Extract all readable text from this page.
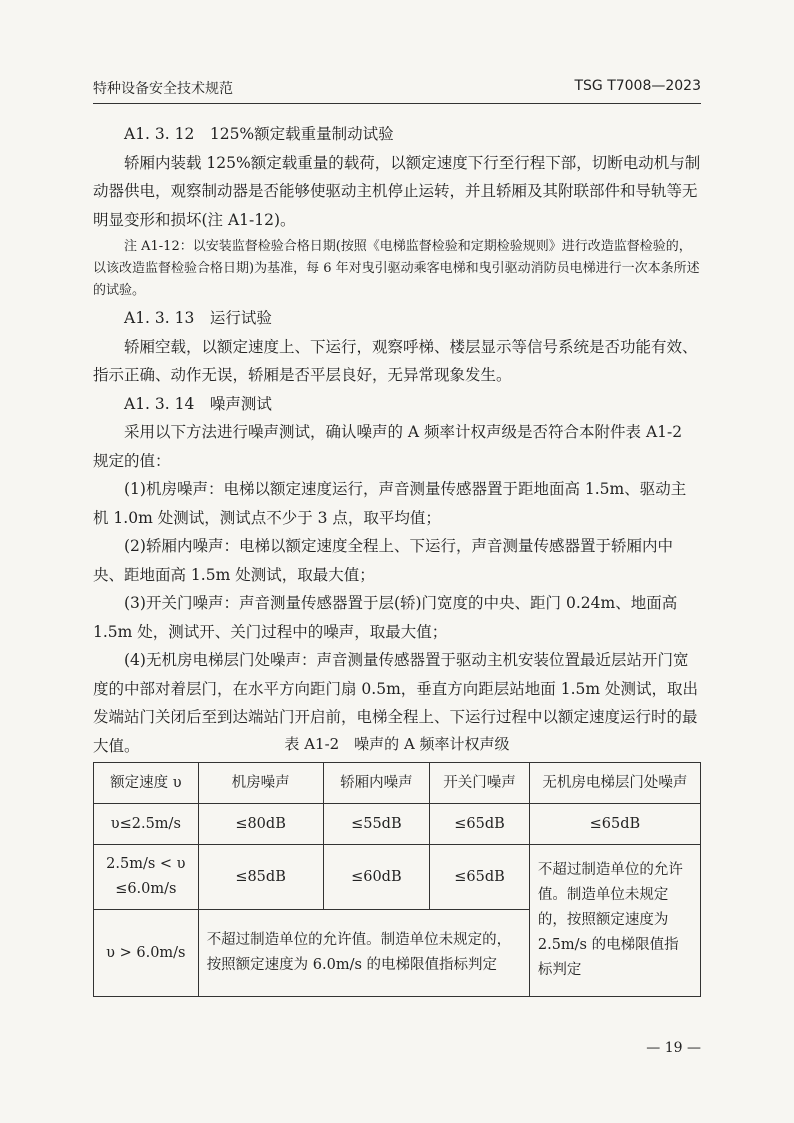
特种设备安全技术规范	TSG T7008—2023

A1. 3. 12　125%额定载重量制动试验

轿厢内装载 125%额定载重量的载荷，以额定速度下行至行程下部，切断电动机与制动器供电，观察制动器是否能够使驱动主机停止运转，并且轿厢及其附联部件和导轨等无明显变形和损坏(注 A1-12)。

注 A1-12：以安装监督检验合格日期(按照《电梯监督检验和定期检验规则》进行改造监督检验的，以该改造监督检验合格日期)为基准，每 6 年对曳引驱动乘客电梯和曳引驱动消防员电梯进行一次本条所述的试验。

A1. 3. 13　运行试验

轿厢空载，以额定速度上、下运行，观察呼梯、楼层显示等信号系统是否功能有效、指示正确、动作无误，轿厢是否平层良好，无异常现象发生。

A1. 3. 14　噪声测试

采用以下方法进行噪声测试，确认噪声的 A 频率计权声级是否符合本附件表 A1-2 规定的值：

(1)机房噪声：电梯以额定速度运行，声音测量传感器置于距地面高 1.5m、驱动主机 1.0m 处测试，测试点不少于 3 点，取平均值；

(2)轿厢内噪声：电梯以额定速度全程上、下运行，声音测量传感器置于轿厢内中央、距地面高 1.5m 处测试，取最大值；

(3)开关门噪声：声音测量传感器置于层(轿)门宽度的中央、距门 0.24m、地面高 1.5m 处，测试开、关门过程中的噪声，取最大值；

(4)无机房电梯层门处噪声：声音测量传感器置于驱动主机安装位置最近层站开门宽度的中部对着层门，在水平方向距门扇 0.5m，垂直方向距层站地面 1.5m 处测试，取出发端站门关闭后至到达端站门开启前，电梯全程上、下运行过程中以额定速度运行时的最大值。	表 A1-2　噪声的 A 频率计权声级
额定速度 υ	机房噪声	轿厢内噪声	开关门噪声	无机房电梯层门处噪声
υ≤2.5m/s	≤80dB	≤55dB	≤65dB	≤65dB
2.5m/s < υ ≤6.0m/s	≤85dB	≤60dB	≤65dB	不超过制造单位的允许值。制造单位未规定的，按照额定速度为 2.5m/s 的电梯限值指标判定
υ > 6.0m/s	不超过制造单位的允许值。制造单位未规定的，按照额定速度为 6.0m/s 的电梯限值指标判定			
— 19 —
